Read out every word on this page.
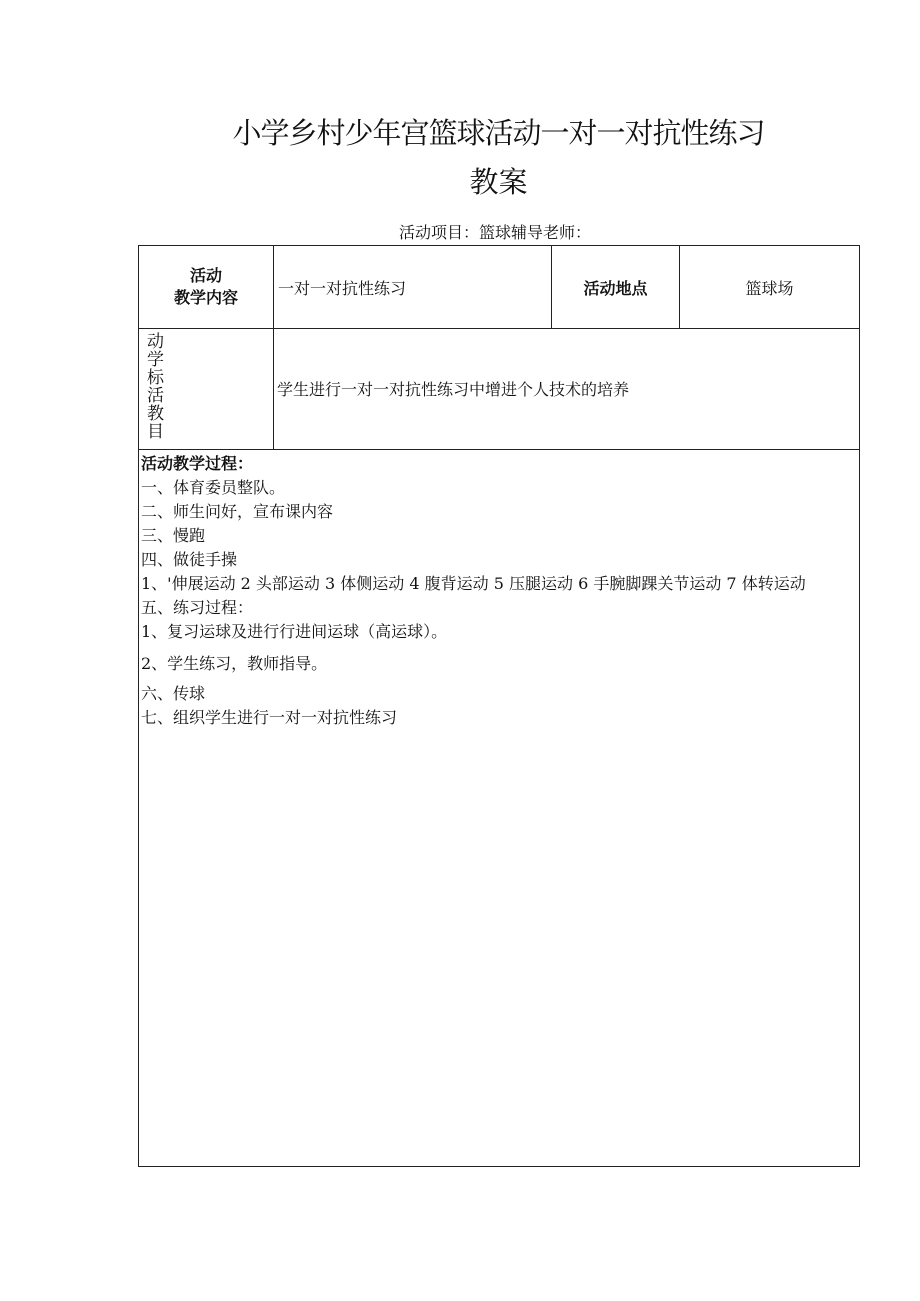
小学乡村少年宫篮球活动一对一对抗性练习
教案
活动项目：篮球辅导老师：
活动
教学内容	一对一对抗性练习	活动地点	篮球场
动
学
标
活
教
目
学生进行一对一对抗性练习中增进个人技术的培养
活动教学过程：
一、体育委员整队。
二、师生问好，宣布课内容
三、慢跑
四、做徒手操
1、'伸展运动 2 头部运动 3 体侧运动 4 腹背运动 5 压腿运动 6 手腕脚踝关节运动 7 体转运动
五、练习过程：
1、复习运球及进行行进间运球（高运球）。
2、学生练习，教师指导。
六、传球
七、组织学生进行一对一对抗性练习
